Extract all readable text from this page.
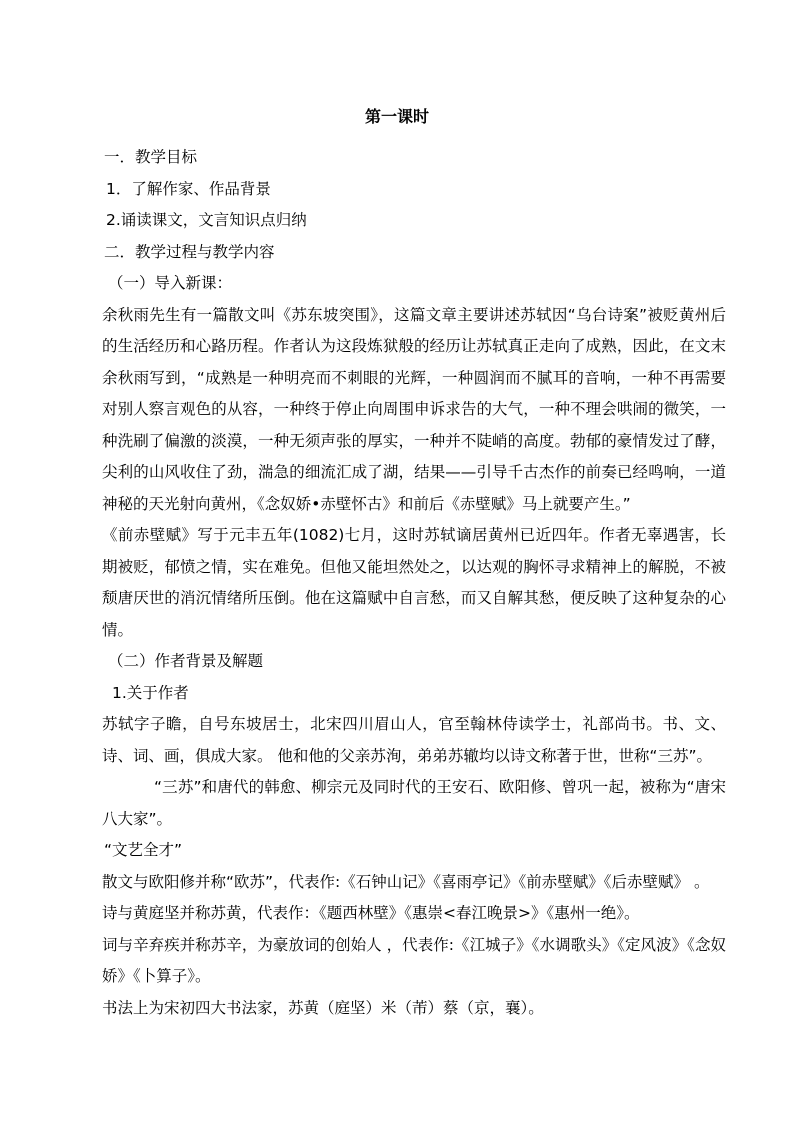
第一课时

一．教学目标

1．了解作家、作品背景

2.诵读课文，文言知识点归纳

二．教学过程与教学内容

（一）导入新课：

余秋雨先生有一篇散文叫《苏东坡突围》，这篇文章主要讲述苏轼因“乌台诗案”被贬黄州后的生活经历和心路历程。作者认为这段炼狱般的经历让苏轼真正走向了成熟，因此，在文末余秋雨写到，“成熟是一种明亮而不刺眼的光辉，一种圆润而不腻耳的音响，一种不再需要对别人察言观色的从容，一种终于停止向周围申诉求告的大气，一种不理会哄闹的微笑，一种洗刷了偏激的淡漠，一种无须声张的厚实，一种并不陡峭的高度。勃郁的豪情发过了酵，尖利的山风收住了劲，湍急的细流汇成了湖，结果——引导千古杰作的前奏已经鸣响，一道神秘的天光射向黄州，《念奴娇•赤壁怀古》和前后《赤壁赋》马上就要产生。”

《前赤壁赋》写于元丰五年(1082)七月，这时苏轼谪居黄州已近四年。作者无辜遇害，长期被贬，郁愤之情，实在难免。但他又能坦然处之，以达观的胸怀寻求精神上的解脱，不被颓唐厌世的消沉情绪所压倒。他在这篇赋中自言愁，而又自解其愁，便反映了这种复杂的心情。

（二）作者背景及解题

1.关于作者

苏轼字子瞻，自号东坡居士，北宋四川眉山人，官至翰林侍读学士，礼部尚书。书、文、诗、词、画，俱成大家。 他和他的父亲苏洵，弟弟苏辙均以诗文称著于世，世称“三苏”。

“三苏”和唐代的韩愈、柳宗元及同时代的王安石、欧阳修、曾巩一起，被称为“唐宋八大家”。

“文艺全才”

散文与欧阳修并称“欧苏”，代表作:《石钟山记》《喜雨亭记》《前赤壁赋》《后赤壁赋》 。

诗与黄庭坚并称苏黄，代表作：《题西林壁》《惠崇<春江晚景>》《惠州一绝》。

词与辛弃疾并称苏辛，为豪放词的创始人 ，代表作:《江城子》《水调歌头》《定风波》《念奴娇》《卜算子》。

书法上为宋初四大书法家，苏黄（庭坚）米（芾）蔡（京，襄）。
